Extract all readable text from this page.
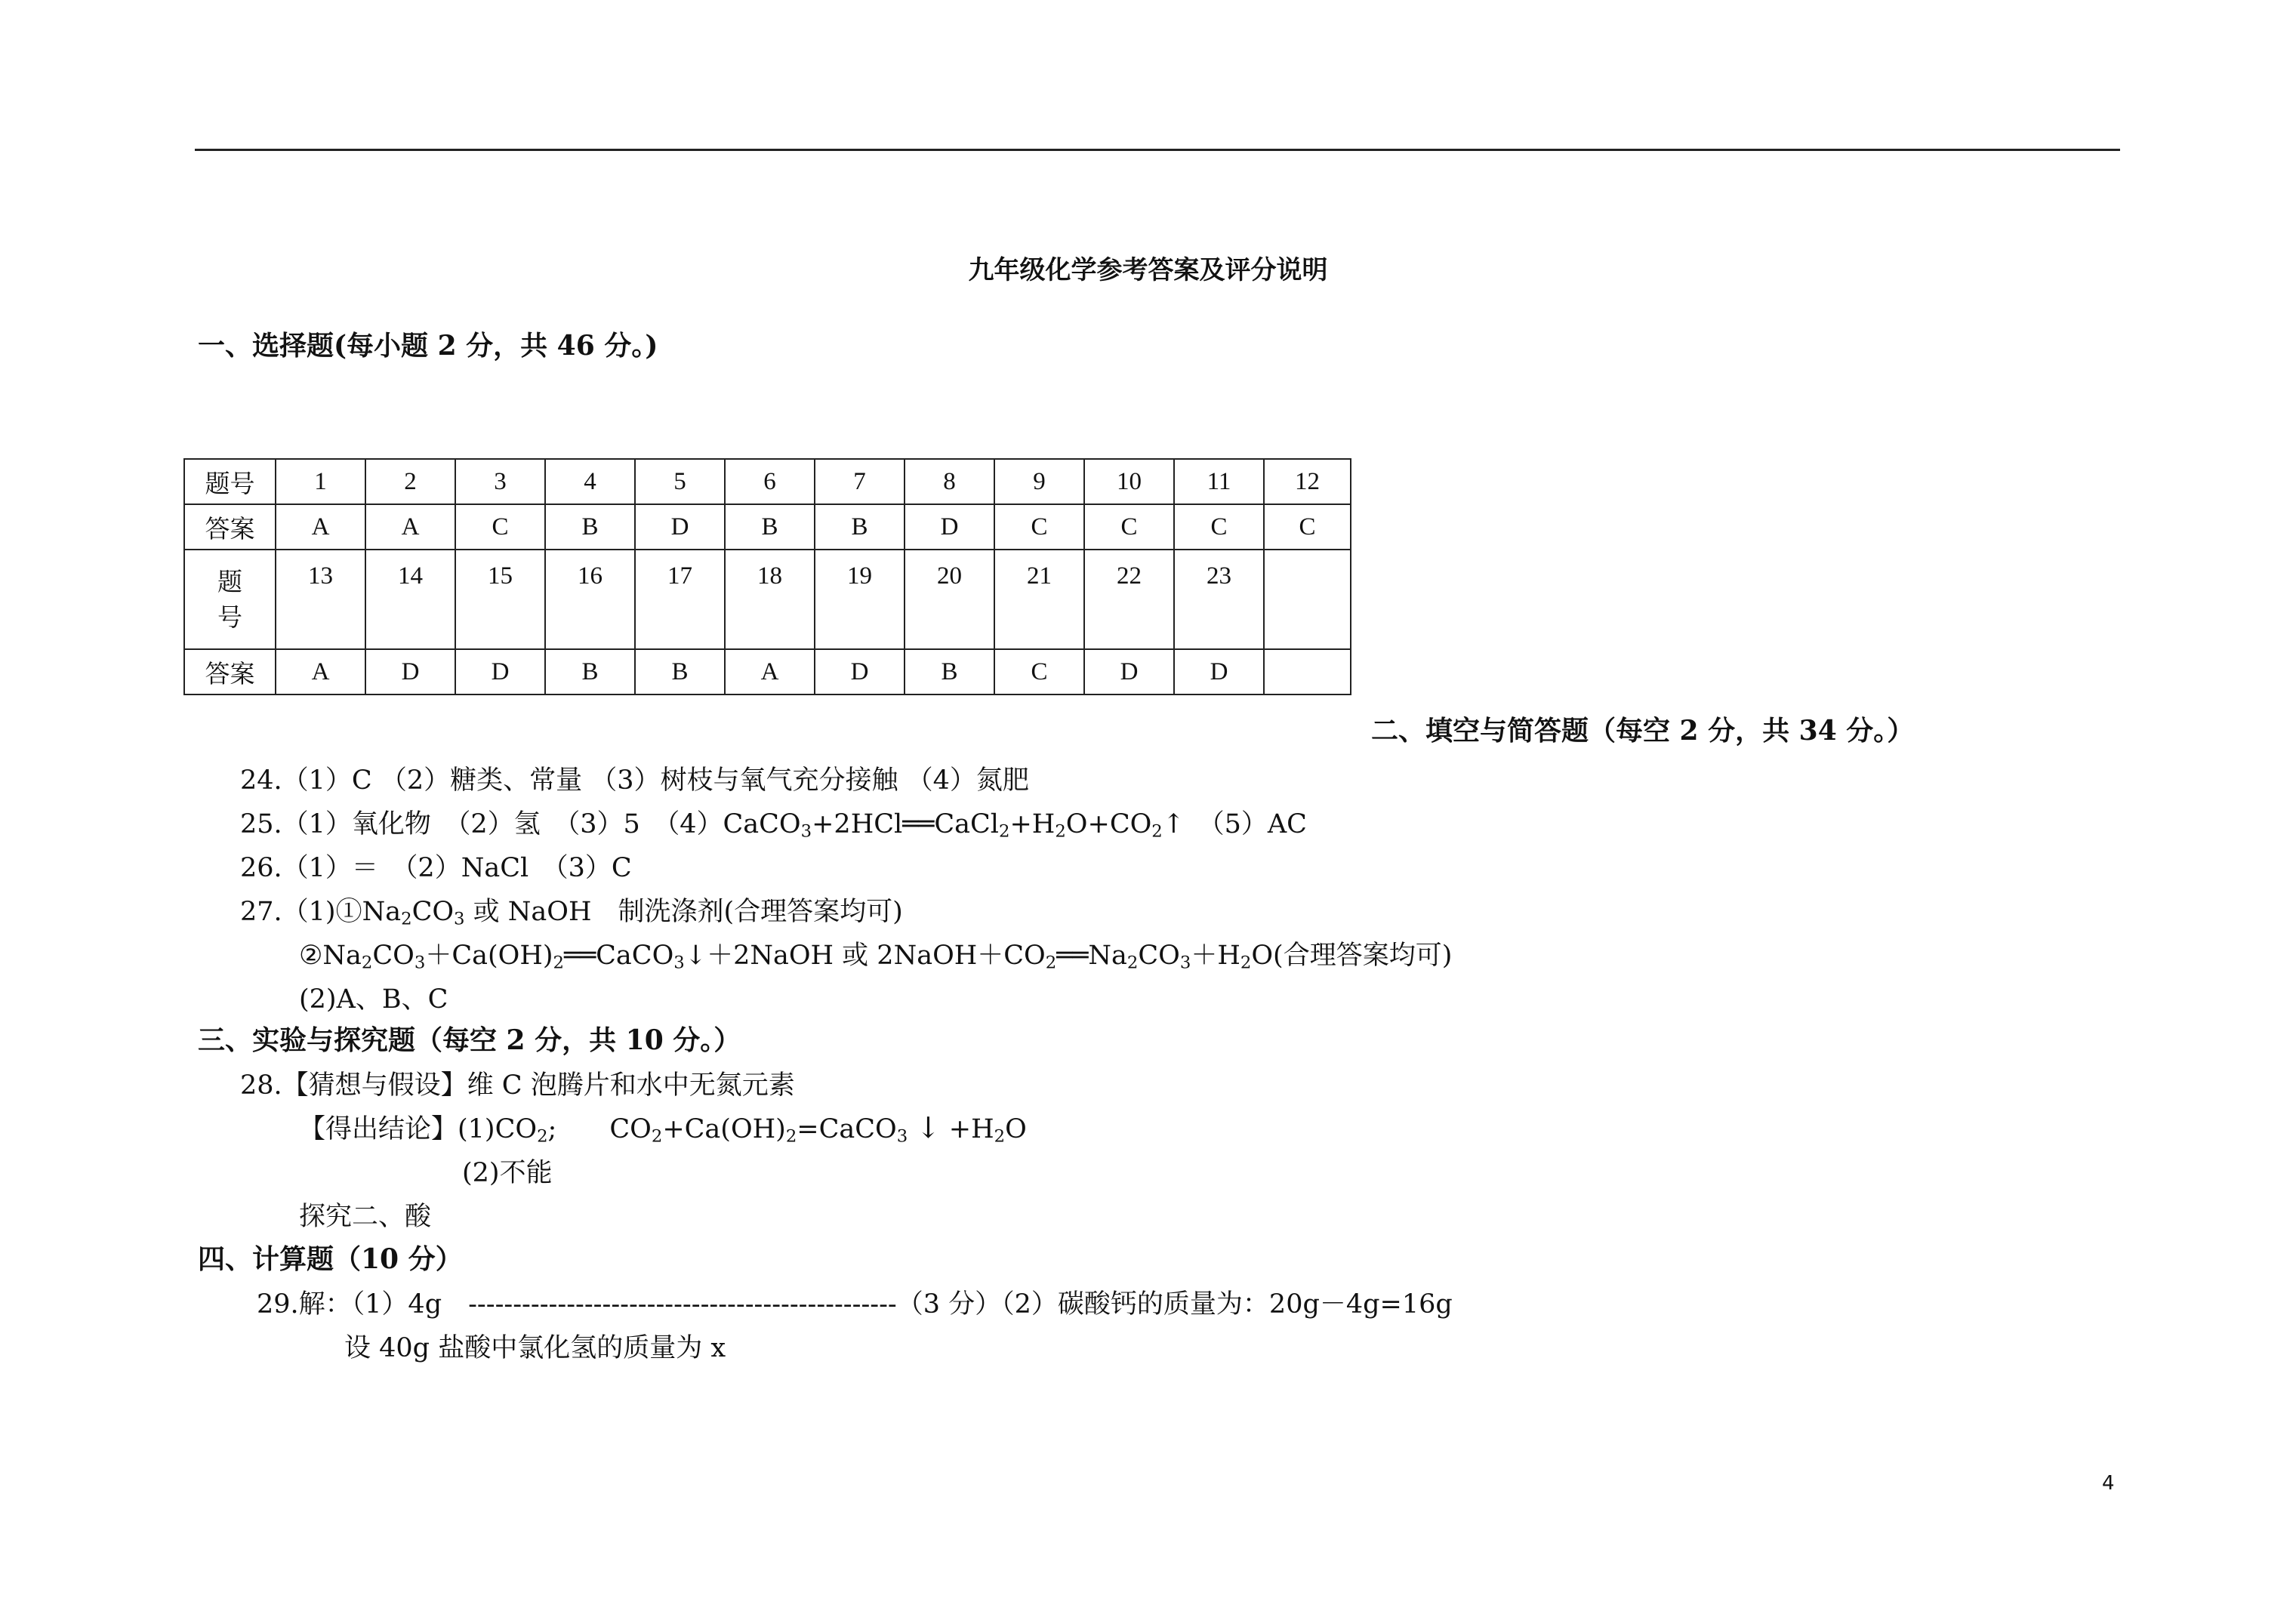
九年级化学参考答案及评分说明
一、选择题(每小题 2 分，共 46 分。)
题号	1	2	3	4	5	6	7	8	9	10	11	12
答案	A	A	C	B	D	B	B	D	C	C	C	C

题
号	13	14	15	16	17	18	19	20	21	22	23	
答案	A	D	D	B	B	A	D	B	C	D	D	
二、填空与简答题（每空 2 分，共 34 分。）
24.（1）C （2）糖类、常量 （3）树枝与氧气充分接触 （4）氮肥
25.（1）氧化物　（2）氢　（3）5　$(4)CaCO_3+2HCl══CaCl_2+H_2O+CO_2↑$　（5）AC
26.（1）＝　（2）NaCl　（3）C
$27.(1)①Na_2CO_3$ 或 NaOH　制洗涤剂(合理答案均可)
$②Na_2CO_3+Ca(OH)_2══CaCO_3↓+2NaOH$ 或 $2NaOH+CO_2══Na_2CO_3+H_2O$(合理答案均可)
(2)A、B、C
三、实验与探究题（每空 2 分，共 10 分。）
28.【猜想与假设】维 C 泡腾片和水中无氮元素
【得出结论】$(1)CO_2$;　　$CO_2+Ca(OH)_2=CaCO_3$ ↓ $+H_2O$
(2)不能
探究二、酸
四、计算题（10 分）
29.解：（1）4g　------------------------------------------------（3 分）（2）碳酸钙的质量为：20g－4g=16g
设 40g 盐酸中氯化氢的质量为 x
4
